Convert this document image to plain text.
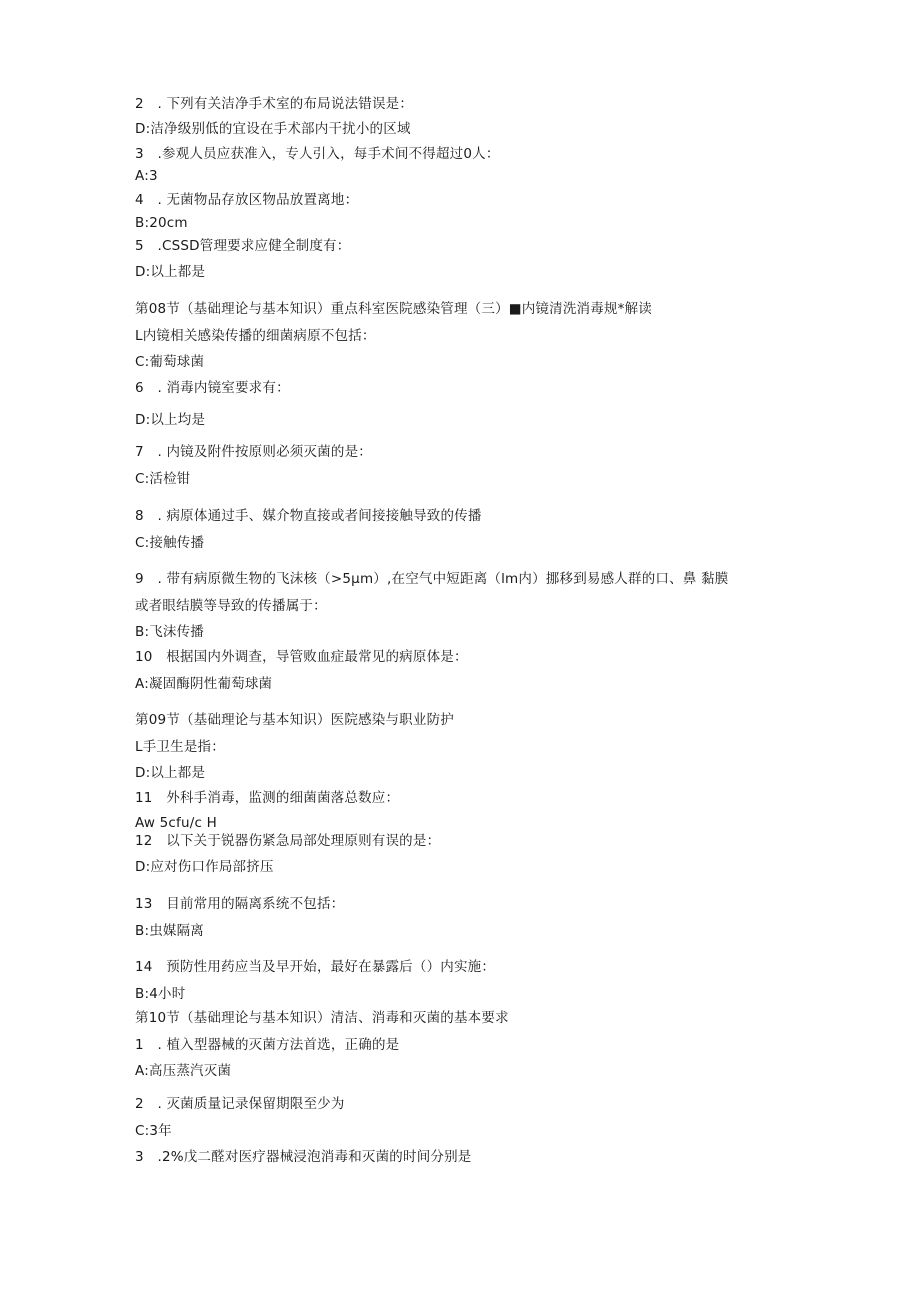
2　. 下列有关洁净手术室的布局说法错误是：
D:洁净级别低的宜设在手术部内干扰小的区域
3　.参观人员应获准入，专人引入，每手术间不得超过0人：
A:3
4　. 无菌物品存放区物品放置离地：
B:20cm
5　.CSSD管理要求应健全制度有：
D:以上都是
第08节（基础理论与基本知识）重点科室医院感染管理（三）■内镜清洗消毒规*解读
L内镜相关感染传播的细菌病原不包括：
C:葡萄球菌
6　. 消毒内镜室要求有：
D:以上均是
7　. 内镜及附件按原则必须灭菌的是：
C:活检钳
8　. 病原体通过手、媒介物直接或者间接接触导致的传播
C:接触传播
9　. 带有病原微生物的飞沫核（>5μm）,在空气中短距离（lm内）挪移到易感人群的口、鼻 黏膜
或者眼结膜等导致的传播属于：
B:飞沫传播
10　根据国内外调查，导管败血症最常见的病原体是：
A:凝固酶阴性葡萄球菌
第09节（基础理论与基本知识）医院感染与职业防护
L手卫生是指：
D:以上都是
11　外科手消毒，监测的细菌菌落总数应：
Aw 5cfu∕c H
12　以下关于锐器伤紧急局部处理原则有误的是：
D:应对伤口作局部挤压
13　目前常用的隔离系统不包括：
B:虫媒隔离
14　预防性用药应当及早开始，最好在暴露后（）内实施：
B:4小时
第10节（基础理论与基本知识）清洁、消毒和灭菌的基本要求
1　. 植入型器械的灭菌方法首选，正确的是
A:高压蒸汽灭菌
2　. 灭菌质量记录保留期限至少为
C:3年
3　.2%戊二醛对医疗器械浸泡消毒和灭菌的时间分别是
